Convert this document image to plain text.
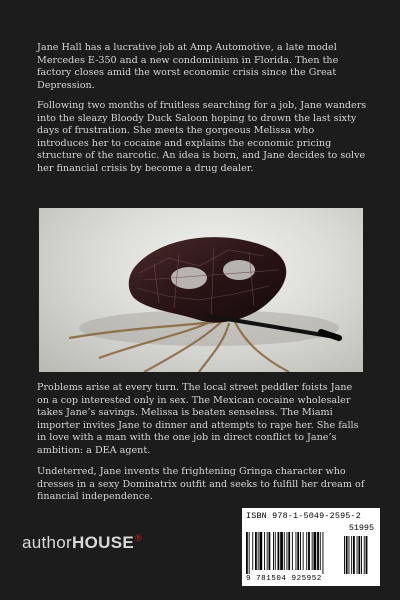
Jane Hall has a lucrative job at Amp Automotive, a late model Mercedes E-350 and a new condominium in Florida. Then the factory closes amid the worst economic crisis since the Great Depression.

Following two months of fruitless searching for a job, Jane wanders into the sleazy Bloody Duck Saloon hoping to drown the last sixty days of frustration. She meets the gorgeous Melissa who introduces her to cocaine and explains the economic pricing structure of the narcotic. An idea is born, and Jane decides to solve her financial crisis by become a drug dealer.

Problems arise at every turn. The local street peddler foists Jane on a cop interested only in sex. The Mexican cocaine wholesaler takes Jane’s savings. Melissa is beaten senseless. The Miami importer invites Jane to dinner and attempts to rape her. She falls in love with a man with the one job in direct conflict to Jane’s ambition: a DEA agent.

Undeterred, Jane invents the frightening Gringa character who dresses in a sexy Dominatrix outfit and seeks to fulfill her dream of financial independence.

authorHOUSE®
ISBN 978-1-5049-2595-2
51995
9 781504 925952
